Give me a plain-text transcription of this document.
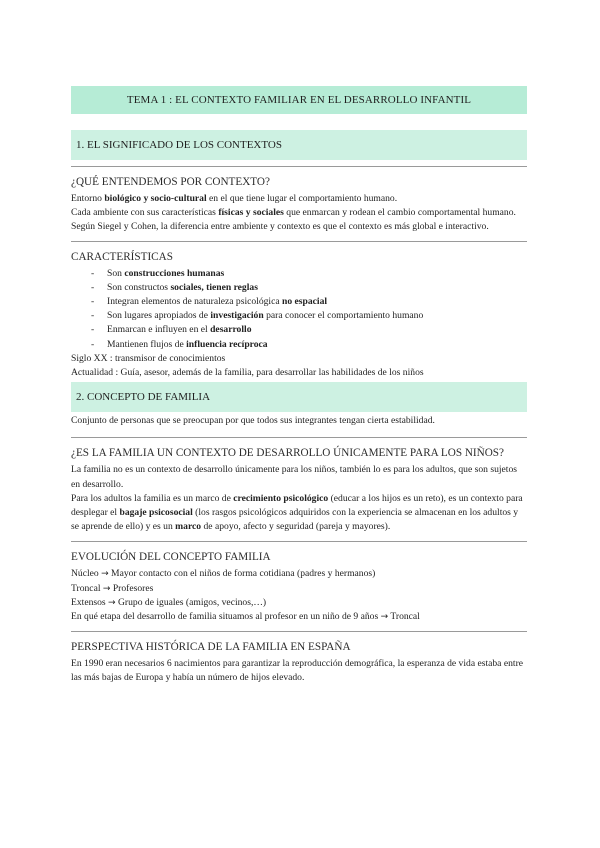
TEMA 1 : EL CONTEXTO FAMILIAR EN EL DESARROLLO INFANTIL
1. EL SIGNIFICADO DE LOS CONTEXTOS
¿QUÉ ENTENDEMOS POR CONTEXTO?

Entorno biológico y socio-cultural en el que tiene lugar el comportamiento humano.

Cada ambiente con sus características físicas y sociales que enmarcan y rodean el cambio comportamental humano.

Según Siegel y Cohen, la diferencia entre ambiente y contexto es que el contexto es más global e interactivo.

CARACTERÍSTICAS
- Son construcciones humanas
- Son constructos sociales, tienen reglas
- Integran elementos de naturaleza psicológica no espacial
- Son lugares apropiados de investigación para conocer el comportamiento humano
- Enmarcan e influyen en el desarrollo
- Mantienen flujos de influencia recíproca

Siglo XX : transmisor de conocimientos

Actualidad : Guía, asesor, además de la familia, para desarrollar las habilidades de los niños

2. CONCEPTO DE FAMILIA

Conjunto de personas que se preocupan por que todos sus integrantes tengan cierta estabilidad.

¿ES LA FAMILIA UN CONTEXTO DE DESARROLLO ÚNICAMENTE PARA LOS NIÑOS?

La familia no es un contexto de desarrollo únicamente para los niños, también lo es para los adultos, que son sujetos en desarrollo.

Para los adultos la familia es un marco de crecimiento psicológico (educar a los hijos es un reto), es un contexto para desplegar el bagaje psicosocial (los rasgos psicológicos adquiridos con la experiencia se almacenan en los adultos y se aprende de ello) y es un marco de apoyo, afecto y seguridad (pareja y mayores).

EVOLUCIÓN DEL CONCEPTO FAMILIA

Núcleo → Mayor contacto con el niños de forma cotidiana (padres y hermanos)

Troncal → Profesores

Extensos → Grupo de iguales (amigos, vecinos,…)

En qué etapa del desarrollo de familia situamos al profesor en un niño de 9 años → Troncal

PERSPECTIVA HISTÓRICA DE LA FAMILIA EN ESPAÑA

En 1990 eran necesarios 6 nacimientos para garantizar la reproducción demográfica, la esperanza de vida estaba entre las más bajas de Europa y había un número de hijos elevado.
